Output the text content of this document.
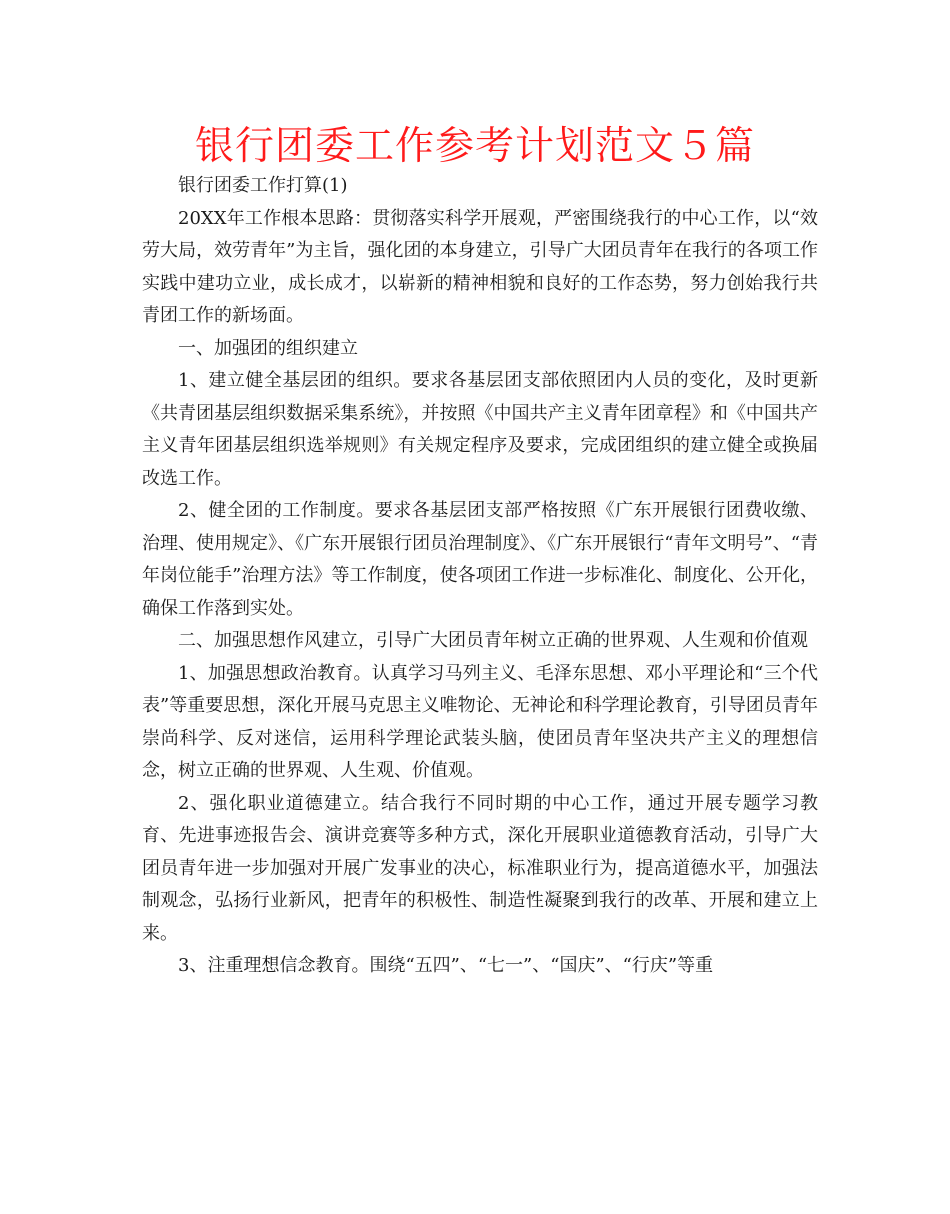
银行团委工作参考计划范文５篇

银行团委工作打算(1)

20XX年工作根本思路：贯彻落实科学开展观，严密围绕我行的中心工作，以“效劳大局，效劳青年”为主旨，强化团的本身建立，引导广大团员青年在我行的各项工作实践中建功立业，成长成才，以崭新的精神相貌和良好的工作态势，努力创始我行共青团工作的新场面。

一、加强团的组织建立

1、建立健全基层团的组织。要求各基层团支部依照团内人员的变化，及时更新《共青团基层组织数据采集系统》，并按照《中国共产主义青年团章程》和《中国共产主义青年团基层组织选举规则》有关规定程序及要求，完成团组织的建立健全或换届改选工作。

2、健全团的工作制度。要求各基层团支部严格按照《广东开展银行团费收缴、治理、使用规定》、《广东开展银行团员治理制度》、《广东开展银行“青年文明号”、“青年岗位能手”治理方法》等工作制度，使各项团工作进一步标准化、制度化、公开化，确保工作落到实处。

二、加强思想作风建立，引导广大团员青年树立正确的世界观、人生观和价值观

1、加强思想政治教育。认真学习马列主义、毛泽东思想、邓小平理论和“三个代表”等重要思想，深化开展马克思主义唯物论、无神论和科学理论教育，引导团员青年崇尚科学、反对迷信，运用科学理论武装头脑，使团员青年坚决共产主义的理想信念，树立正确的世界观、人生观、价值观。

2、强化职业道德建立。结合我行不同时期的中心工作，通过开展专题学习教育、先进事迹报告会、演讲竞赛等多种方式，深化开展职业道德教育活动，引导广大团员青年进一步加强对开展广发事业的决心，标准职业行为，提高道德水平，加强法制观念，弘扬行业新风，把青年的积极性、制造性凝聚到我行的改革、开展和建立上来。

3、注重理想信念教育。围绕“五四”、“七一”、“国庆”、“行庆”等重
